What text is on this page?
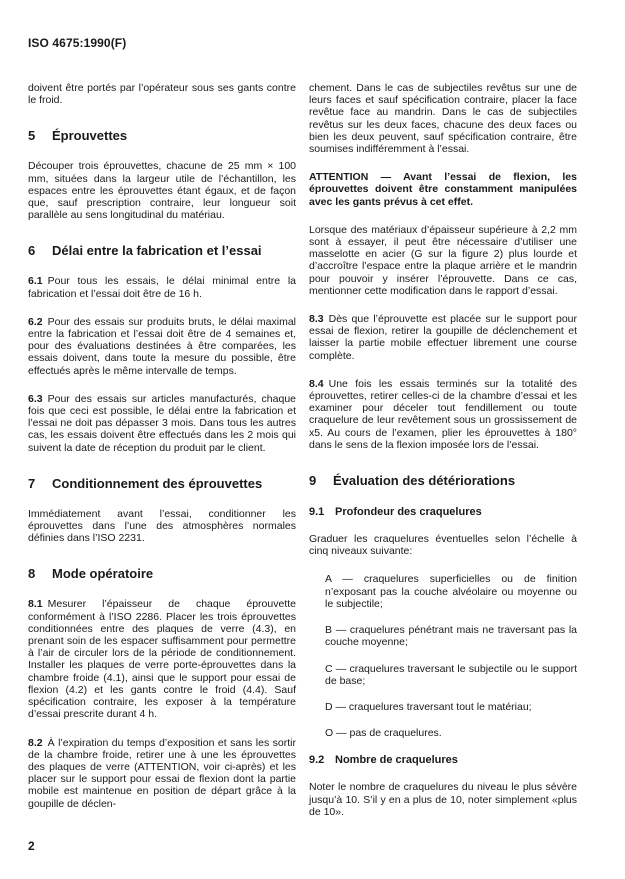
ISO 4675:1990(F)

doivent être portés par l’opérateur sous ses gants contre le froid.

5	Éprouvettes

Découper trois éprouvettes, chacune de 25 mm × 100 mm, situées dans la largeur utile de l’échantillon, les espaces entre les éprouvettes étant égaux, et de façon que, sauf prescription contraire, leur longueur soit parallèle au sens longitudinal du matériau.

6	Délai entre la fabrication et l’essai

6.1 Pour tous les essais, le délai minimal entre la fabrication et l’essai doit être de 16 h.

6.2 Pour des essais sur produits bruts, le délai maximal entre la fabrication et l’essai doit être de 4 semaines et, pour des évaluations destinées à être comparées, les essais doivent, dans toute la mesure du possible, être effectués après le même intervalle de temps.

6.3 Pour des essais sur articles manufacturés, chaque fois que ceci est possible, le délai entre la fabrication et l’essai ne doit pas dépasser 3 mois. Dans tous les autres cas, les essais doivent être effectués dans les 2 mois qui suivent la date de réception du produit par le client.

7	Conditionnement des éprouvettes

Immédiatement avant l’essai, conditionner les éprouvettes dans l’une des atmosphères normales définies dans l’ISO 2231.

8	Mode opératoire

8.1 Mesurer l’épaisseur de chaque éprouvette conformément à l’ISO 2286. Placer les trois éprouvettes conditionnées entre des plaques de verre (4.3), en prenant soin de les espacer suffisamment pour permettre à l’air de circuler lors de la période de conditionnement. Installer les plaques de verre porte-éprouvettes dans la chambre froide (4.1), ainsi que le support pour essai de flexion (4.2) et les gants contre le froid (4.4). Sauf spécification contraire, les exposer à la température d’essai prescrite durant 4 h.

8.2 À l’expiration du temps d’exposition et sans les sortir de la chambre froide, retirer une à une les éprouvettes des plaques de verre (ATTENTION, voir ci-après) et les placer sur le support pour essai de flexion dont la partie mobile est maintenue en position de départ grâce à la goupille de déclen-

chement. Dans le cas de subjectiles revêtus sur une de leurs faces et sauf spécification contraire, placer la face revêtue face au mandrin. Dans le cas de subjectiles revêtus sur les deux faces, chacune des deux faces ou bien les deux peuvent, sauf spécification contraire, être soumises indifféremment à l’essai.

ATTENTION — Avant l’essai de flexion, les éprouvettes doivent être constamment manipulées avec les gants prévus à cet effet.

Lorsque des matériaux d’épaisseur supérieure à 2,2 mm sont à essayer, il peut être nécessaire d’utiliser une masselotte en acier (G sur la figure 2) plus lourde et d’accroître l’espace entre la plaque arrière et le mandrin pour pouvoir y insérer l’éprouvette. Dans ce cas, mentionner cette modification dans le rapport d’essai.

8.3 Dès que l’éprouvette est placée sur le support pour essai de flexion, retirer la goupille de déclenchement et laisser la partie mobile effectuer librement une course complète.

8.4 Une fois les essais terminés sur la totalité des éprouvettes, retirer celles-ci de la chambre d’essai et les examiner pour déceler tout fendillement ou toute craquelure de leur revêtement sous un grossissement de x5. Au cours de l’examen, plier les éprouvettes à 180° dans le sens de la flexion imposée lors de l’essai.

9	Évaluation des détériorations
9.1 Profondeur des craquelures

Graduer les craquelures éventuelles selon l’échelle à cinq niveaux suivante:

A — craquelures superficielles ou de finition n’exposant pas la couche alvéolaire ou moyenne ou le subjectile;
B — craquelures pénétrant mais ne traversant pas la couche moyenne;
C — craquelures traversant le subjectile ou le support de base;
D — craquelures traversant tout le matériau;
O — pas de craquelures.
9.2 Nombre de craquelures

Noter le nombre de craquelures du niveau le plus sévère jusqu’à 10. S’il y en a plus de 10, noter simplement «plus de 10».

2
